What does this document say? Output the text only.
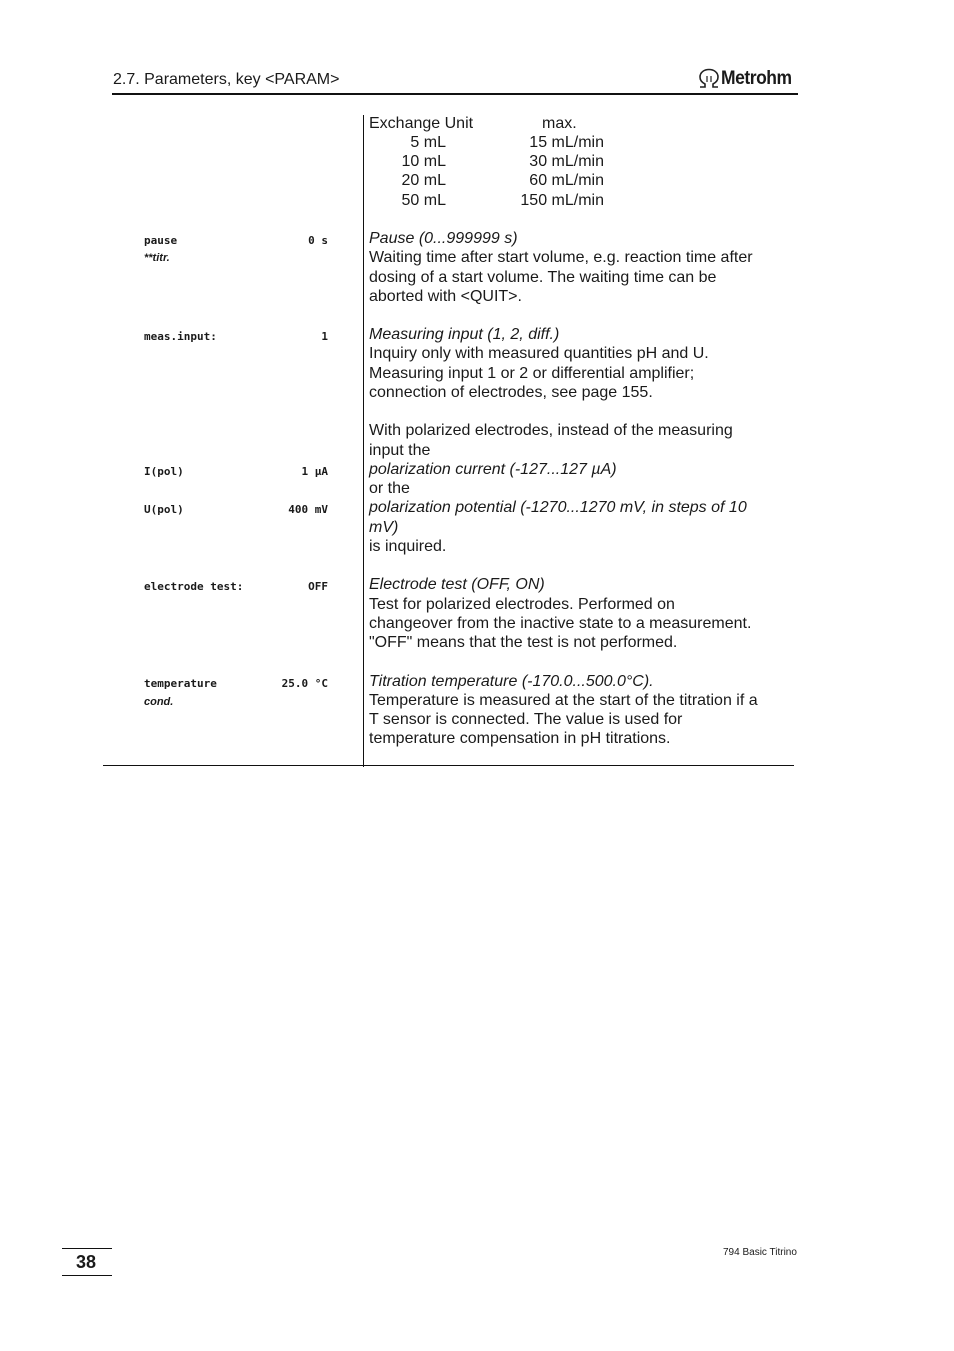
2.7. Parameters, key <PARAM>	Metrohm
Exchange Unit	max.
5 mL	15 mL/min
10 mL	30 mL/min
20 mL	60 mL/min
50 mL	150 mL/min
pause	0 s
**titr.
Pause (0...999999 s)
Waiting time after start volume, e.g. reaction time after
dosing of a start volume. The waiting time can be
aborted with <QUIT>.
meas.input:	1	Measuring input (1, 2, diff.)
Inquiry only with measured quantities pH and U.
Measuring input 1 or 2 or differential amplifier;
connection of electrodes, see page 155.
With polarized electrodes, instead of the measuring
input the
I(pol)	1 µA	polarization current (-127...127 µA)
or the
U(pol)	400 mV	polarization potential (-1270...1270 mV, in steps of 10
mV)
is inquired.
electrode test:	OFF	Electrode test (OFF, ON)
Test for polarized electrodes. Performed on
changeover from the inactive state to a measurement.
"OFF" means that the test is not performed.
temperature	25.0 °C
cond.
Titration temperature (-170.0...500.0°C).
Temperature is measured at the start of the titration if a
T sensor is connected. The value is used for
temperature compensation in pH titrations.
38	794 Basic Titrino
